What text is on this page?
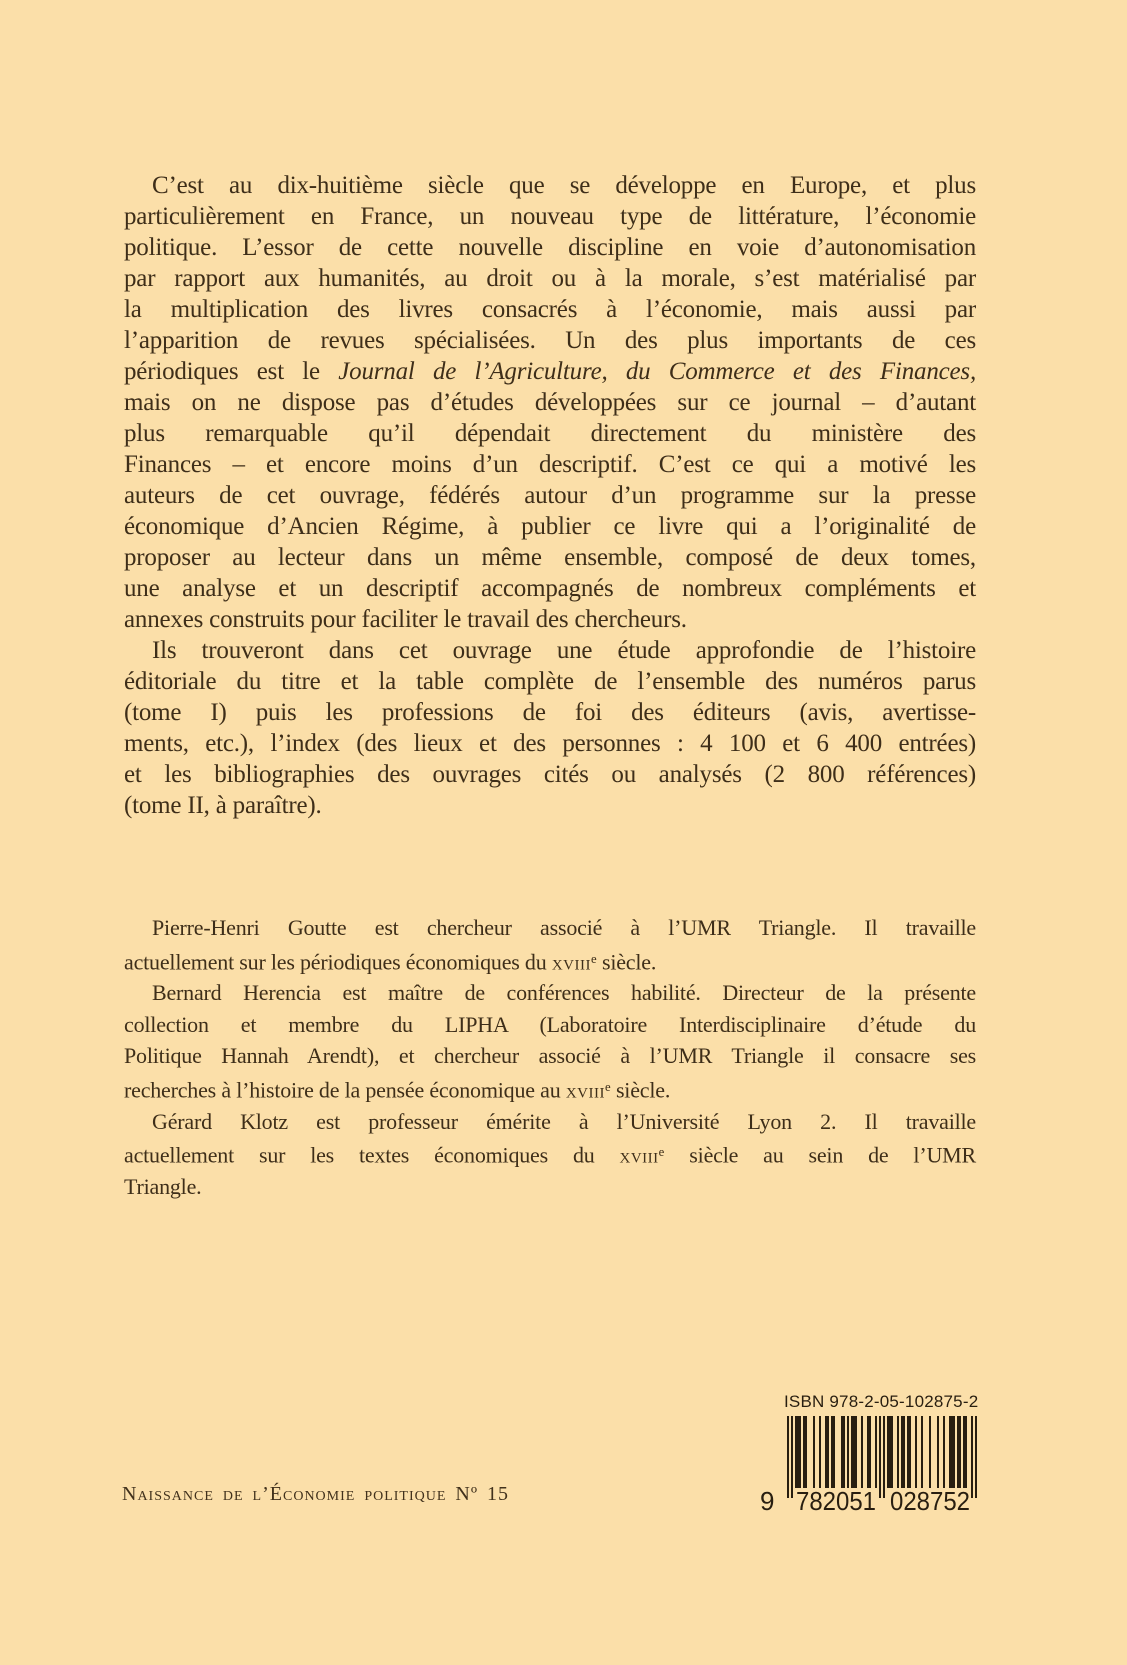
C’est au dix-huitième siècle que se développe en Europe, et plus
particulièrement en France, un nouveau type de littérature, l’économie
politique. L’essor de cette nouvelle discipline en voie d’autonomisation
par rapport aux humanités, au droit ou à la morale, s’est matérialisé par
la multiplication des livres consacrés à l’économie, mais aussi par
l’apparition de revues spécialisées. Un des plus importants de ces
périodiques est le Journal de l’Agriculture, du Commerce et des Finances,
mais on ne dispose pas d’études développées sur ce journal – d’autant
plus remarquable qu’il dépendait directement du ministère des
Finances – et encore moins d’un descriptif. C’est ce qui a motivé les
auteurs de cet ouvrage, fédérés autour d’un programme sur la presse
économique d’Ancien Régime, à publier ce livre qui a l’originalité de
proposer au lecteur dans un même ensemble, composé de deux tomes,
une analyse et un descriptif accompagnés de nombreux compléments et
annexes construits pour faciliter le travail des chercheurs.
Ils trouveront dans cet ouvrage une étude approfondie de l’histoire
éditoriale du titre et la table complète de l’ensemble des numéros parus
(tome I) puis les professions de foi des éditeurs (avis, avertisse-
ments, etc.), l’index (des lieux et des personnes : 4 100 et 6 400 entrées)
et les bibliographies des ouvrages cités ou analysés (2 800 références)
(tome II, à paraître).
Pierre-Henri Goutte est chercheur associé à l’UMR Triangle. Il travaille
actuellement sur les périodiques économiques du xviii$^e$ siècle.
Bernard Herencia est maître de conférences habilité. Directeur de la présente
collection et membre du LIPHA (Laboratoire Interdisciplinaire d’étude du
Politique Hannah Arendt), et chercheur associé à l’UMR Triangle il consacre ses
recherches à l’histoire de la pensée économique au xviii$^e$ siècle.
Gérard Klotz est professeur émérite à l’Université Lyon 2. Il travaille
actuellement sur les textes économiques du xviii$^e$ siècle au sein de l’UMR
Triangle.
Naissance de l’Économie politique Nº 15
ISBN 978-2-05-102875-2
9 782051 028752
